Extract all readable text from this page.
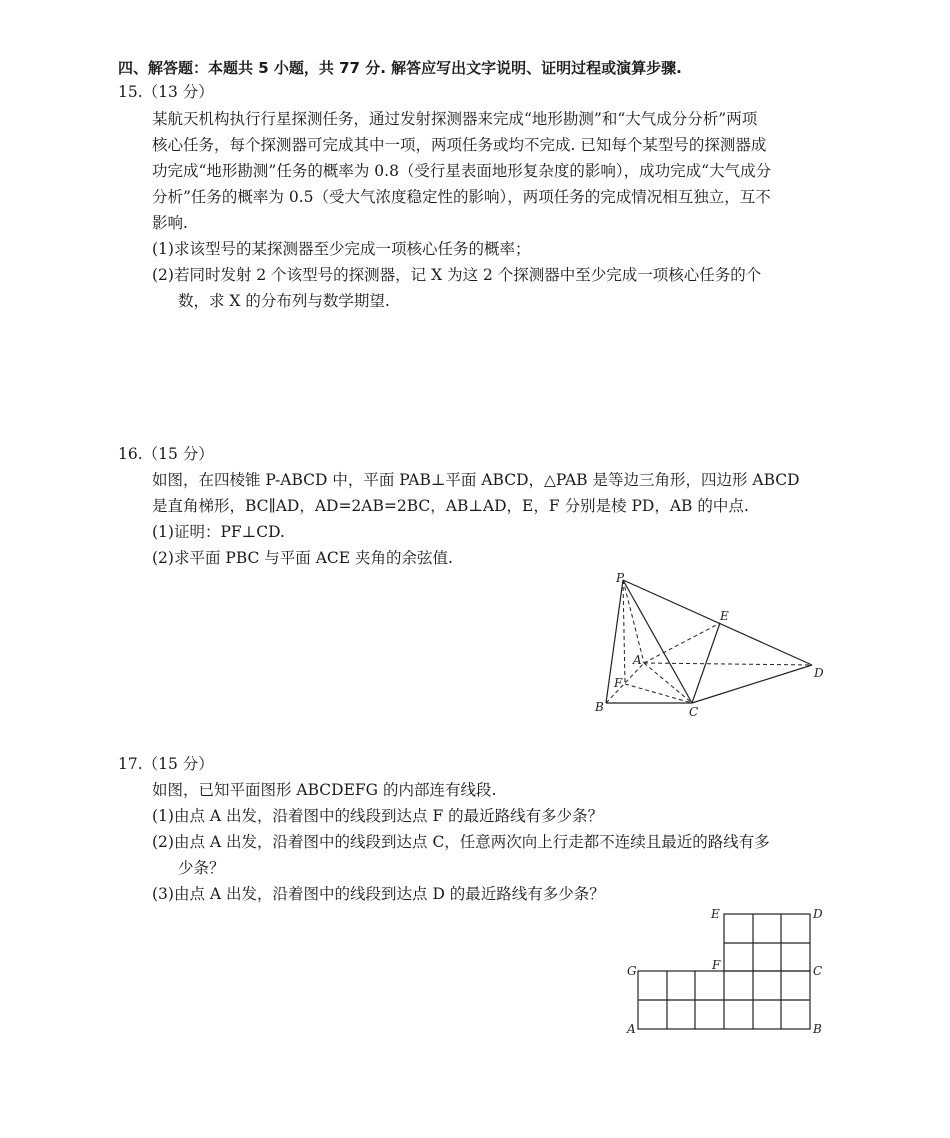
四、解答题：本题共 5 小题，共 77 分. 解答应写出文字说明、证明过程或演算步骤.
15.（13 分）
某航天机构执行行星探测任务，通过发射探测器来完成“地形勘测”和“大气成分分析”两项
核心任务，每个探测器可完成其中一项，两项任务或均不完成. 已知每个某型号的探测器成
功完成“地形勘测”任务的概率为 0.8（受行星表面地形复杂度的影响），成功完成“大气成分
分析”任务的概率为 0.5（受大气浓度稳定性的影响），两项任务的完成情况相互独立，互不
影响.
(1)求该型号的某探测器至少完成一项核心任务的概率；
(2)若同时发射 2 个该型号的探测器，记 X 为这 2 个探测器中至少完成一项核心任务的个
数，求 X 的分布列与数学期望.
16.（15 分）
如图，在四棱锥 P-ABCD 中，平面 PAB⊥平面 ABCD，△PAB 是等边三角形，四边形 ABCD
是直角梯形，BC∥AD，AD=2AB=2BC，AB⊥AD，E，F 分别是棱 PD，AB 的中点.
(1)证明：PF⊥CD.
(2)求平面 PBC 与平面 ACE 夹角的余弦值.
P
E
A
F
B	C
D
17.（15 分）
如图，已知平面图形 ABCDEFG 的内部连有线段.
(1)由点 A 出发，沿着图中的线段到达点 F 的最近路线有多少条？
(2)由点 A 出发，沿着图中的线段到达点 C，任意两次向上行走都不连续且最近的路线有多
少条？
(3)由点 A 出发，沿着图中的线段到达点 D 的最近路线有多少条？
E	D
G	F	C
A	B
